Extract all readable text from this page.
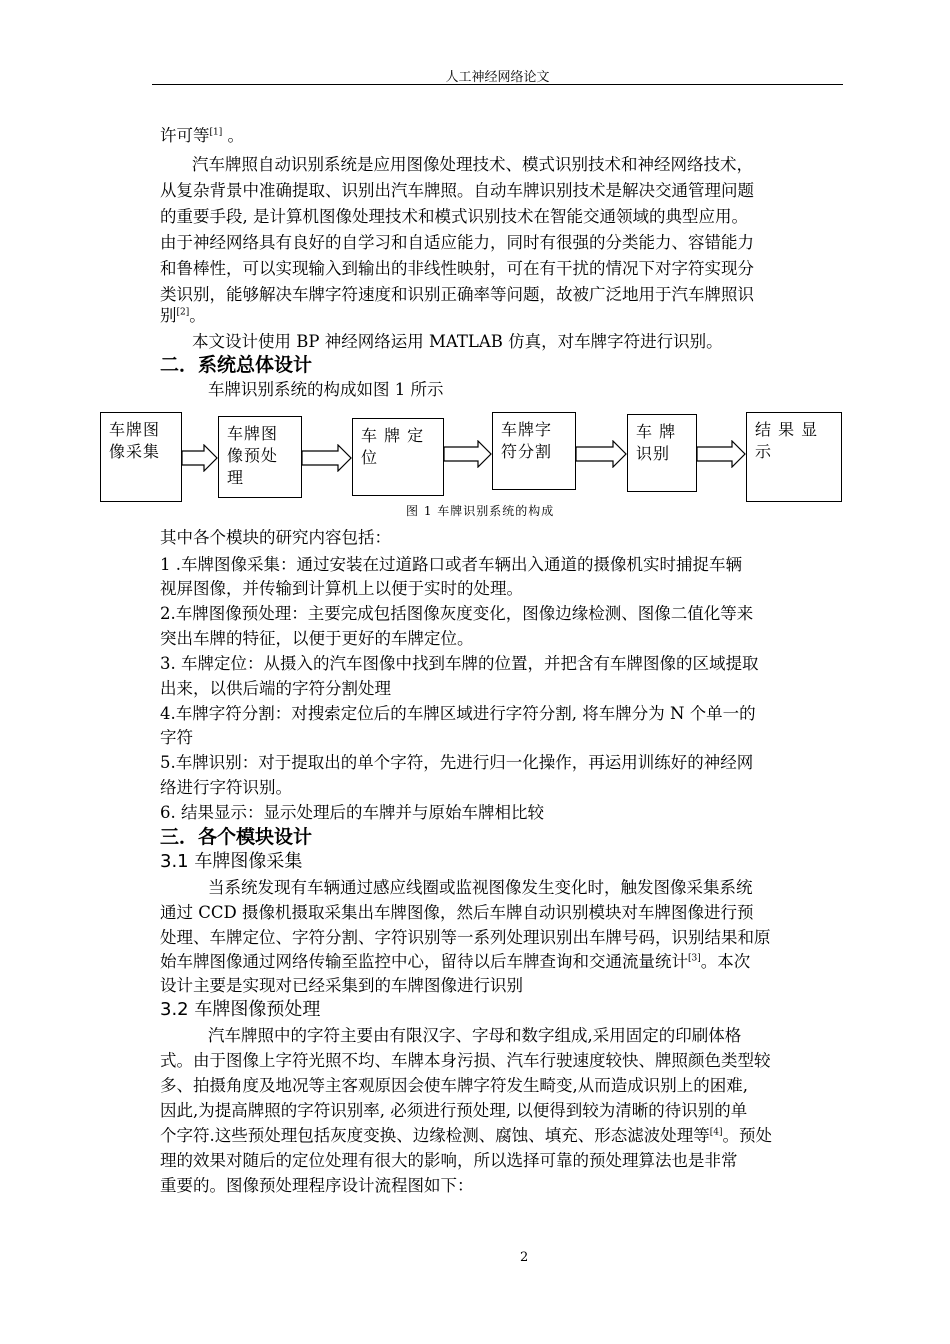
人工神经网络论文
许可等[1] 。
汽车牌照自动识别系统是应用图像处理技术、模式识别技术和神经网络技术，
从复杂背景中准确提取、识别出汽车牌照。自动车牌识别技术是解决交通管理问题
的重要手段, 是计算机图像处理技术和模式识别技术在智能交通领域的典型应用。
由于神经网络具有良好的自学习和自适应能力，同时有很强的分类能力、容错能力
和鲁棒性，可以实现输入到输出的非线性映射，可在有干扰的情况下对字符实现分
类识别，能够解决车牌字符速度和识别正确率等问题，故被广泛地用于汽车牌照识
别[2]。
本文设计使用 BP 神经网络运用 MATLAB 仿真，对车牌字符进行识别。
二．系统总体设计
车牌识别系统的构成如图 1 所示
车牌图像采集
车牌图像预处理
车 牌 定位
车牌字符分割
车 牌 识别
结 果 显示
图 1 车牌识别系统的构成
其中各个模块的研究内容包括：
1 .车牌图像采集：通过安装在过道路口或者车辆出入通道的摄像机实时捕捉车辆
视屏图像，并传输到计算机上以便于实时的处理。
2.车牌图像预处理：主要完成包括图像灰度变化，图像边缘检测、图像二值化等来
突出车牌的特征，以便于更好的车牌定位。
3. 车牌定位：从摄入的汽车图像中找到车牌的位置，并把含有车牌图像的区域提取
出来，以供后端的字符分割处理
4.车牌字符分割：对搜索定位后的车牌区域进行字符分割, 将车牌分为 N 个单一的
字符
5.车牌识别：对于提取出的单个字符，先进行归一化操作，再运用训练好的神经网
络进行字符识别。
6. 结果显示：显示处理后的车牌并与原始车牌相比较
三．各个模块设计
3.1 车牌图像采集
当系统发现有车辆通过感应线圈或监视图像发生变化时，触发图像采集系统
通过 CCD 摄像机摄取采集出车牌图像，然后车牌自动识别模块对车牌图像进行预
处理、车牌定位、字符分割、字符识别等一系列处理识别出车牌号码，识别结果和原
始车牌图像通过网络传输至监控中心，留待以后车牌查询和交通流量统计[3]。本次
设计主要是实现对已经采集到的车牌图像进行识别
3.2 车牌图像预处理
汽车牌照中的字符主要由有限汉字、字母和数字组成,采用固定的印刷体格
式。由于图像上字符光照不均、车牌本身污损、汽车行驶速度较快、牌照颜色类型较
多、拍摄角度及地况等主客观原因会使车牌字符发生畸变,从而造成识别上的困难,
因此,为提高牌照的字符识别率, 必须进行预处理, 以便得到较为清晰的待识别的单
个字符.这些预处理包括灰度变换、边缘检测、腐蚀、填充、形态滤波处理等[4]。预处
理的效果对随后的定位处理有很大的影响，所以选择可靠的预处理算法也是非常
重要的。图像预处理程序设计流程图如下：
2
